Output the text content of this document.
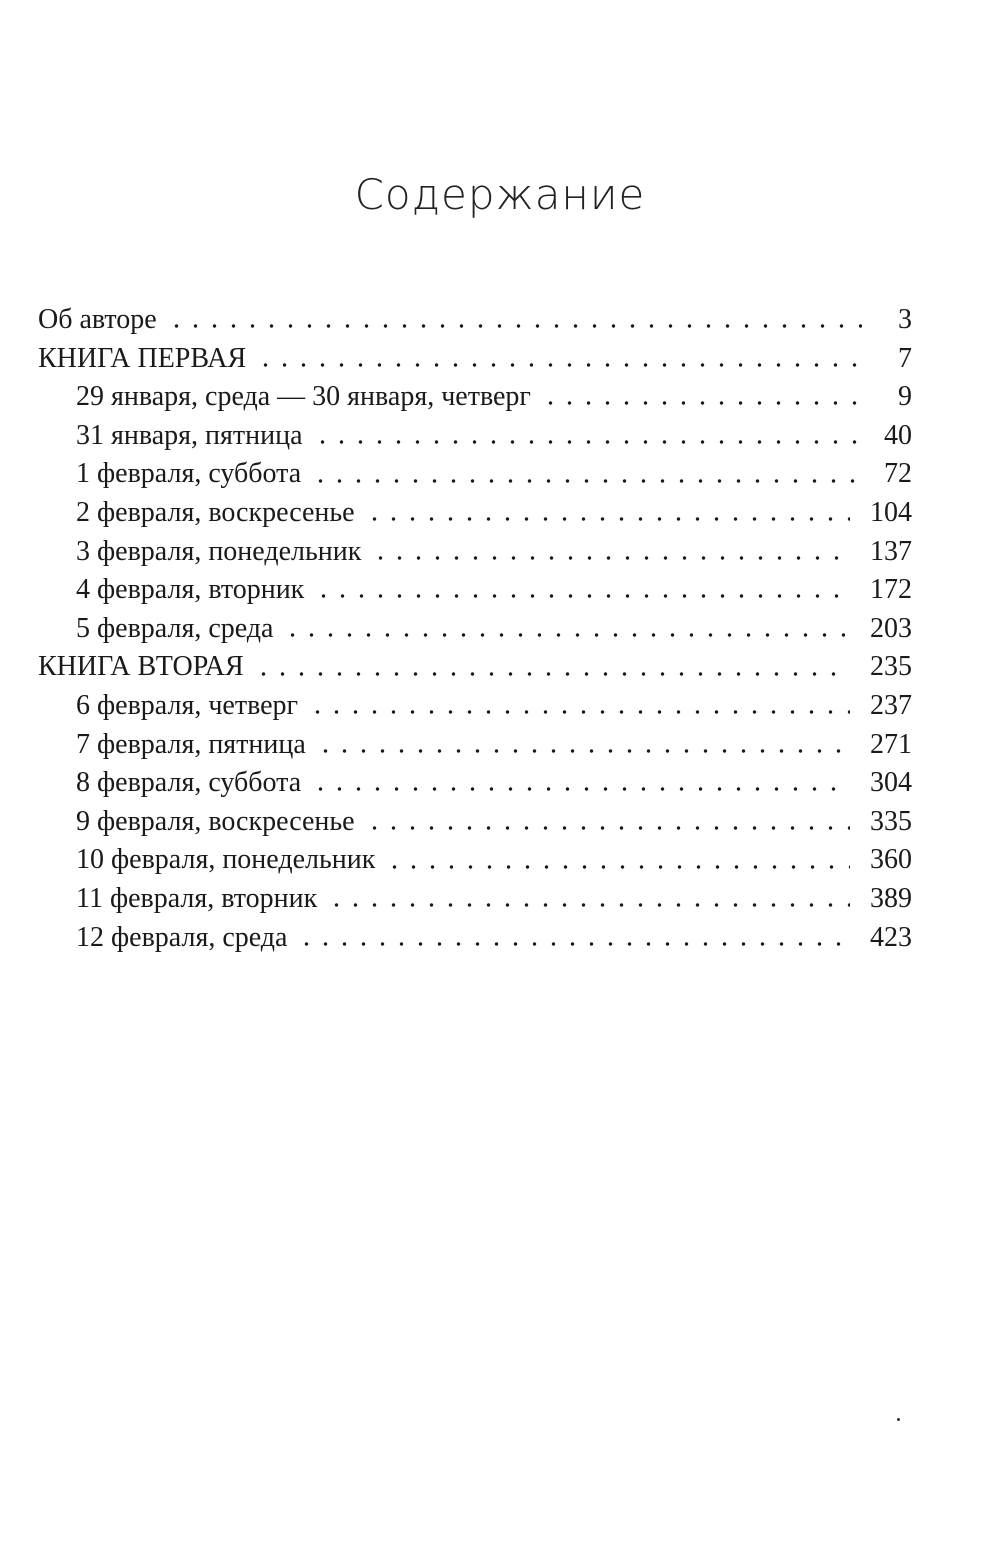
Содержание
Об авторе	3
КНИГА ПЕРВАЯ	7
29 января, среда — 30 января, четверг	9
31 января, пятница	40
1 февраля, суббота	72
2 февраля, воскресенье	104
3 февраля, понедельник	137
4 февраля, вторник	172
5 февраля, среда	203
КНИГА ВТОРАЯ	235
6 февраля, четверг	237
7 февраля, пятница	271
8 февраля, суббота	304
9 февраля, воскресенье	335
10 февраля, понедельник	360
11 февраля, вторник	389
12 февраля, среда	423
